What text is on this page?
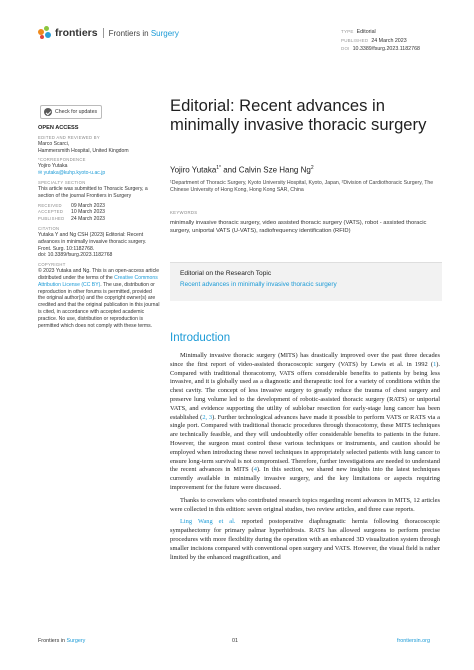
frontiers Frontiers in Surgery	TYPE Editorial
PUBLISHED 24 March 2023
DOI 10.3389/fsurg.2023.1182768
Check for updates
OPEN ACCESS
EDITED AND REVIEWED BY

Marco Scarci,

Hammersmith Hospital, United Kingdom

*CORRESPONDENCE

Yojiro Yutaka

✉ yutaka@kuhp.kyoto-u.ac.jp

SPECIALTY SECTION

This article was submitted to Thoracic Surgery, a section of the journal Frontiers in Surgery

RECEIVED	09 March 2023
ACCEPTED	10 March 2023
PUBLISHED	24 March 2023
CITATION

Yutaka Y and Ng CSH (2023) Editorial: Recent advances in minimally invasive thoracic surgery. Front. Surg. 10:1182768.

doi: 10.3389/fsurg.2023.1182768

COPYRIGHT

© 2023 Yutaka and Ng. This is an open-access article distributed under the terms of the Creative Commons Attribution License (CC BY). The use, distribution or reproduction in other forums is permitted, provided the original author(s) and the copyright owner(s) are credited and that the original publication in this journal is cited, in accordance with accepted academic practice. No use, distribution or reproduction is permitted which does not comply with these terms.

Editorial: Recent advances in minimally invasive thoracic surgery
Yojiro Yutaka$^{1*}$ and Calvin Sze Hang Ng$^2$
¹Department of Thoracic Surgery, Kyoto University Hospital, Kyoto, Japan, ²Division of Cardiothoracic Surgery, The Chinese University of Hong Kong, Hong Kong SAR, China
KEYWORDS
minimally invasive thoracic surgery, video assisted thoracic surgery (VATS), robot - assisted thoracic surgery, uniportal VATS (U-VATS), radiofrequency identification (RFID)
Editorial on the Research Topic
Recent advances in minimally invasive thoracic surgery
Introduction

Minimally invasive thoracic surgery (MITS) has drastically improved over the past three decades since the first report of video-assisted thoracoscopic surgery (VATS) by Lewis et al. in 1992 (1). Compared with traditional thoracotomy, VATS offers considerable benefits to patients by being less invasive, and it is globally used as a diagnostic and therapeutic tool for a variety of conditions within the chest cavity. The concept of less invasive surgery to greatly reduce the trauma of chest surgery and preserve lung volume led to the development of robotic-assisted thoracic surgery (RATS) or uniportal VATS, and evidence supporting the utility of sublobar resection for early-stage lung cancer has been established (2, 3). Further technological advances have made it possible to perform VATS or RATS via a single port. Compared with traditional thoracic procedures through thoracotomy, these MITS techniques are technically feasible, and they will undoubtedly offer considerable benefits to patients in the future. However, the surgeon must control these various techniques or instruments, and caution should be employed when introducing these novel techniques in appropriately selected patients with lung cancer to ensure long-term survival is not compromised. Therefore, further investigations are needed to understand the recent advances in MITS (4). In this section, we shared new insights into the latest techniques currently available in minimally invasive surgery, and the key limitations or aspects requiring improvement for the future were discussed.

Thanks to coworkers who contributed research topics regarding recent advances in MITS, 12 articles were collected in this edition: seven original studies, two review articles, and three case reports.

Ling Wang et al. reported postoperative diaphragmatic hernia following thoracoscopic sympathectomy for primary palmar hyperhidrosis. RATS has allowed surgeons to perform precise procedures with more flexibility during the operation with an enhanced 3D visualization system through smaller incisions compared with conventional open surgery and VATS. However, the visual field is rather limited by the enhanced magnification, and

Frontiers in Surgery	01	frontiersin.org
